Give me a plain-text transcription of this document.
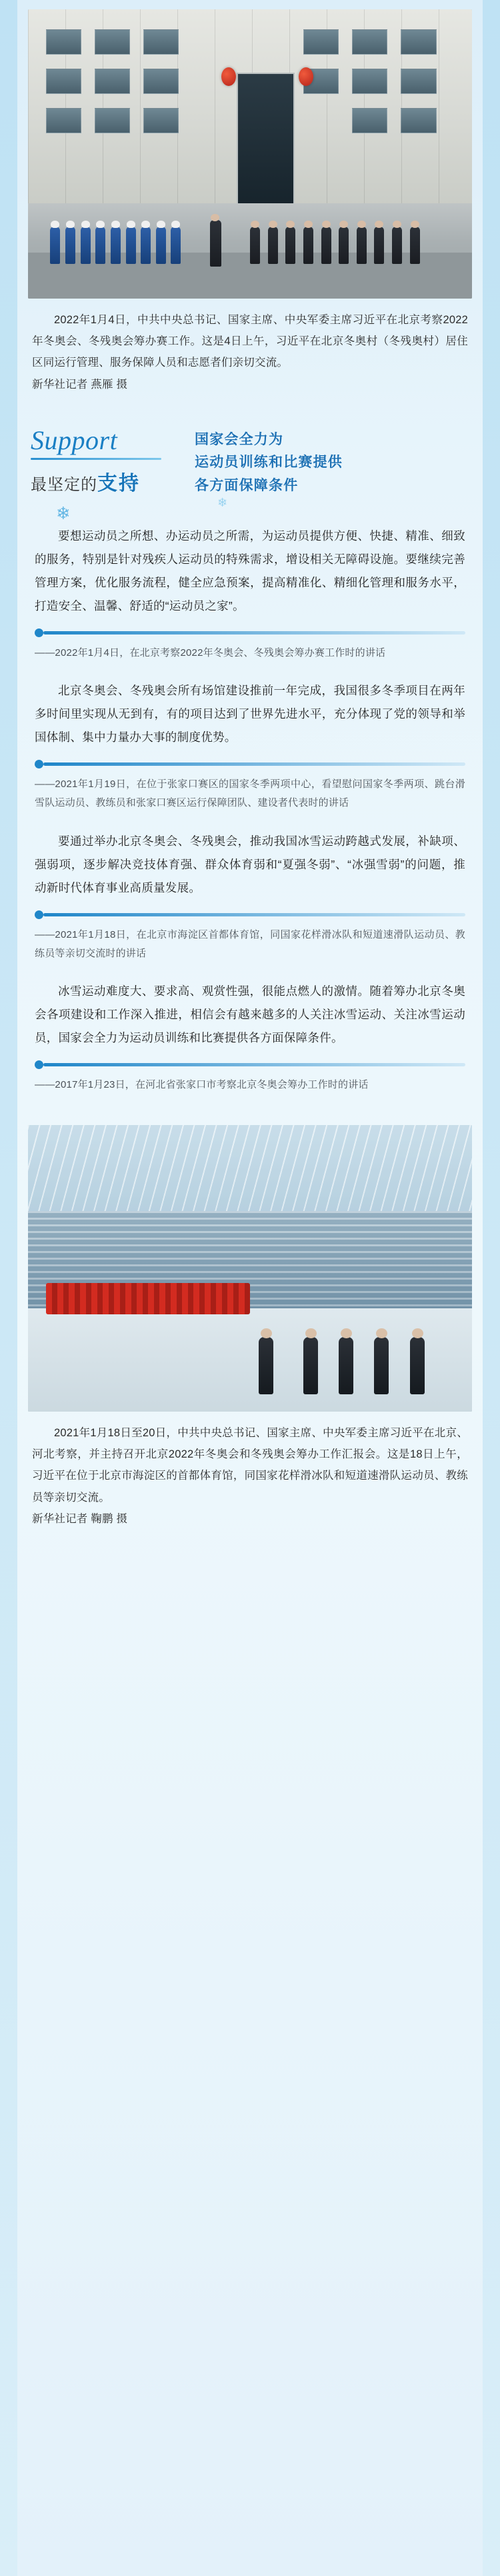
2022年1月4日，中共中央总书记、国家主席、中央军委主席习近平在北京考察2022年冬奥会、冬残奥会筹办赛工作。这是4日上午，习近平在北京冬奥村（冬残奥村）居住区同运行管理、服务保障人员和志愿者们亲切交流。
新华社记者 燕雁 摄
❄
❄
Support
最坚定的支持
国家会全力为
运动员训练和比赛提供
各方面保障条件
要想运动员之所想、办运动员之所需，为运动员提供方便、快捷、精准、细致的服务，特别是针对残疾人运动员的特殊需求，增设相关无障碍设施。要继续完善管理方案，优化服务流程，健全应急预案，提高精准化、精细化管理和服务水平，打造安全、温馨、舒适的“运动员之家”。
——2022年1月4日，在北京考察2022年冬奥会、冬残奥会筹办赛工作时的讲话
北京冬奥会、冬残奥会所有场馆建设推前一年完成，我国很多冬季项目在两年多时间里实现从无到有，有的项目达到了世界先进水平，充分体现了党的领导和举国体制、集中力量办大事的制度优势。
——2021年1月19日，在位于张家口赛区的国家冬季两项中心，看望慰问国家冬季两项、跳台滑雪队运动员、教练员和张家口赛区运行保障团队、建设者代表时的讲话
要通过举办北京冬奥会、冬残奥会，推动我国冰雪运动跨越式发展，补缺项、强弱项，逐步解决竞技体育强、群众体育弱和“夏强冬弱”、“冰强雪弱”的问题，推动新时代体育事业高质量发展。
——2021年1月18日，在北京市海淀区首都体育馆，同国家花样滑冰队和短道速滑队运动员、教练员等亲切交流时的讲话
冰雪运动难度大、要求高、观赏性强，很能点燃人的激情。随着筹办北京冬奥会各项建设和工作深入推进，相信会有越来越多的人关注冰雪运动、关注冰雪运动员，国家会全力为运动员训练和比赛提供各方面保障条件。
——2017年1月23日，在河北省张家口市考察北京冬奥会筹办工作时的讲话
2021年1月18日至20日，中共中央总书记、国家主席、中央军委主席习近平在北京、河北考察，并主持召开北京2022年冬奥会和冬残奥会筹办工作汇报会。这是18日上午，习近平在位于北京市海淀区的首都体育馆，同国家花样滑冰队和短道速滑队运动员、教练员等亲切交流。
新华社记者 鞠鹏 摄
